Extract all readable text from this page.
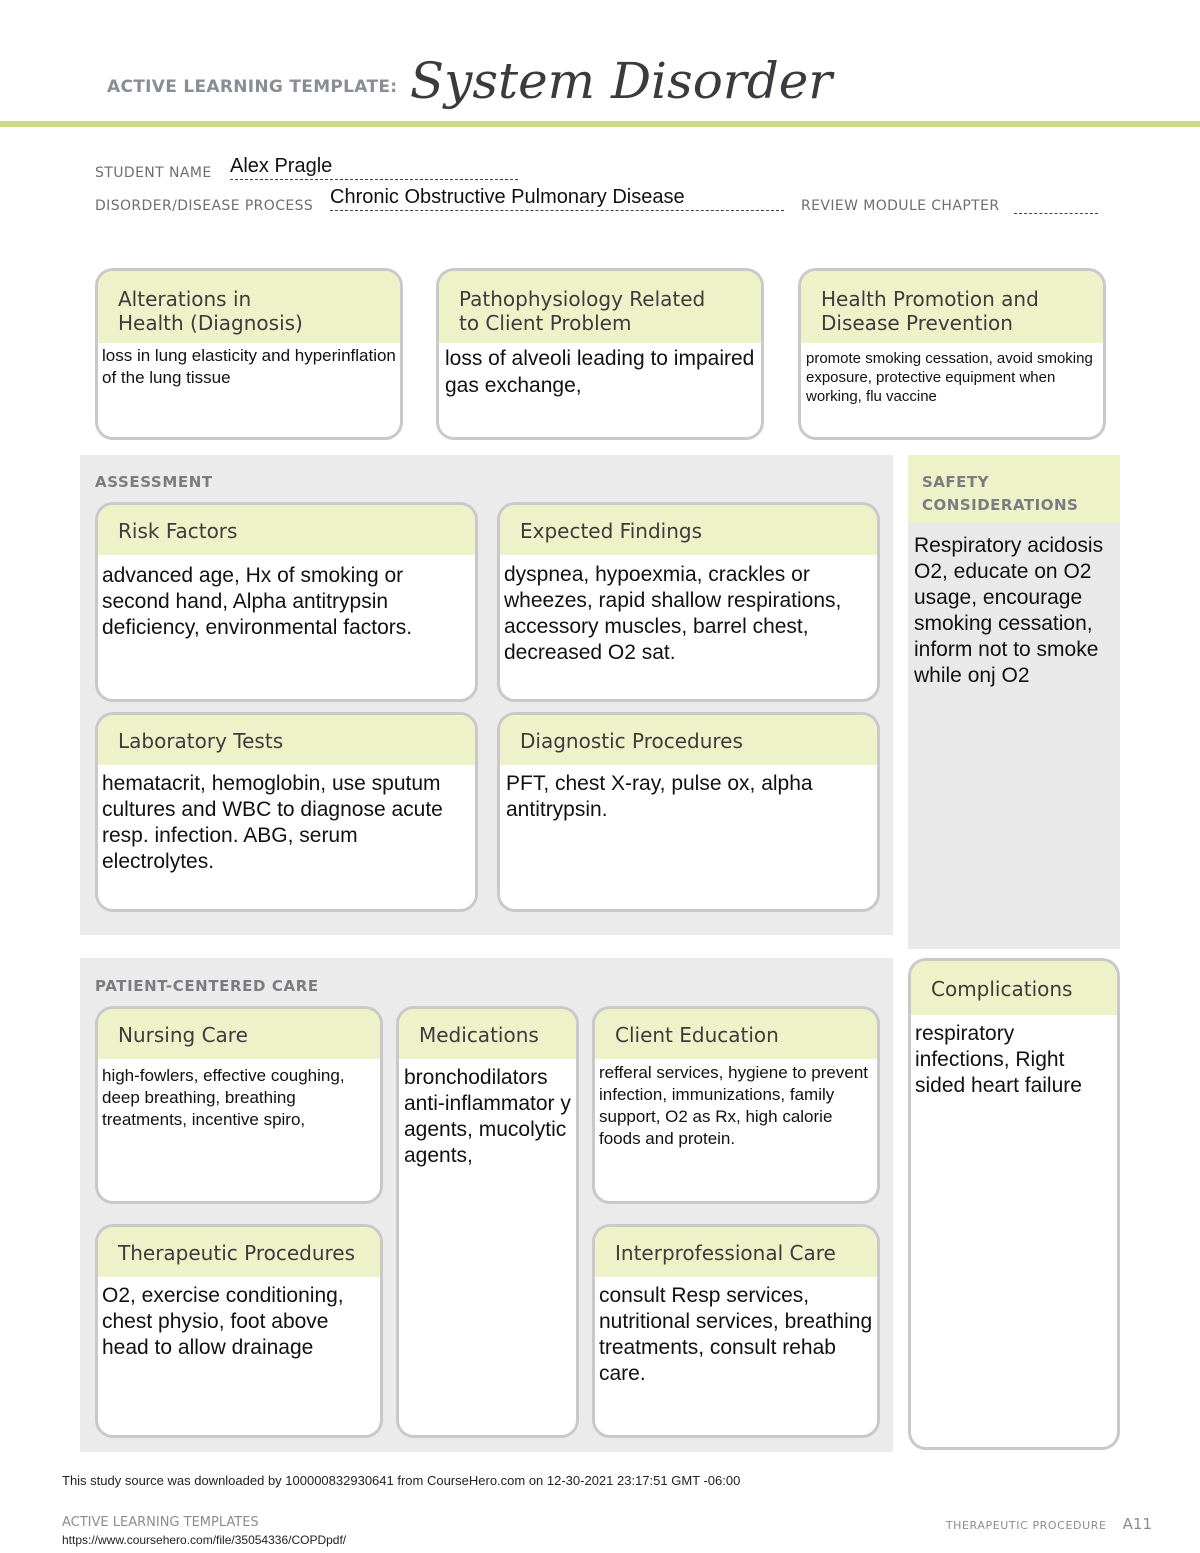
ACTIVE LEARNING TEMPLATE: System Disorder
STUDENT NAME Alex Pragle
DISORDER/DISEASE PROCESS Chronic Obstructive Pulmonary Disease	REVIEW MODULE CHAPTER
Alterations in
Health (Diagnosis)
loss in lung elasticity and hyperinflation of the lung tissue
Pathophysiology Related
to Client Problem
loss of alveoli leading to impaired gas exchange,
Health Promotion and
Disease Prevention
promote smoking cessation, avoid smoking exposure, protective equipment when working, flu vaccine
ASSESSMENT
Risk Factors
advanced age, Hx of smoking or second hand, Alpha antitrypsin deficiency, environmental factors.
Expected Findings
dyspnea, hypoexmia, crackles or wheezes, rapid shallow respirations, accessory muscles, barrel chest, decreased O2 sat.
Laboratory Tests
hematacrit, hemoglobin, use sputum cultures and WBC to diagnose acute resp. infection. ABG, serum electrolytes.
Diagnostic Procedures
PFT, chest X-ray, pulse ox, alpha antitrypsin.
SAFETY
CONSIDERATIONS
Respiratory acidosis O2, educate on O2 usage, encourage smoking cessation, inform not to smoke while onj O2
PATIENT-CENTERED CARE
Nursing Care
high-fowlers, effective coughing, deep breathing, breathing treatments, incentive spiro,
Medications
bronchodilators anti-inflammator y agents, mucolytic agents,
Client Education
refferal services, hygiene to prevent infection, immunizations, family support, O2 as Rx, high calorie foods and protein.
Therapeutic Procedures
O2, exercise conditioning, chest physio, foot above head to allow drainage
Interprofessional Care
consult Resp services, nutritional services, breathing treatments, consult rehab care.
Complications
respiratory infections, Right sided heart failure
This study source was downloaded by 100000832930641 from CourseHero.com on 12-30-2021 23:17:51 GMT -06:00
ACTIVE LEARNING TEMPLATES
https://www.coursehero.com/file/35054336/COPDpdf/
THERAPEUTIC PROCEDURE A11
